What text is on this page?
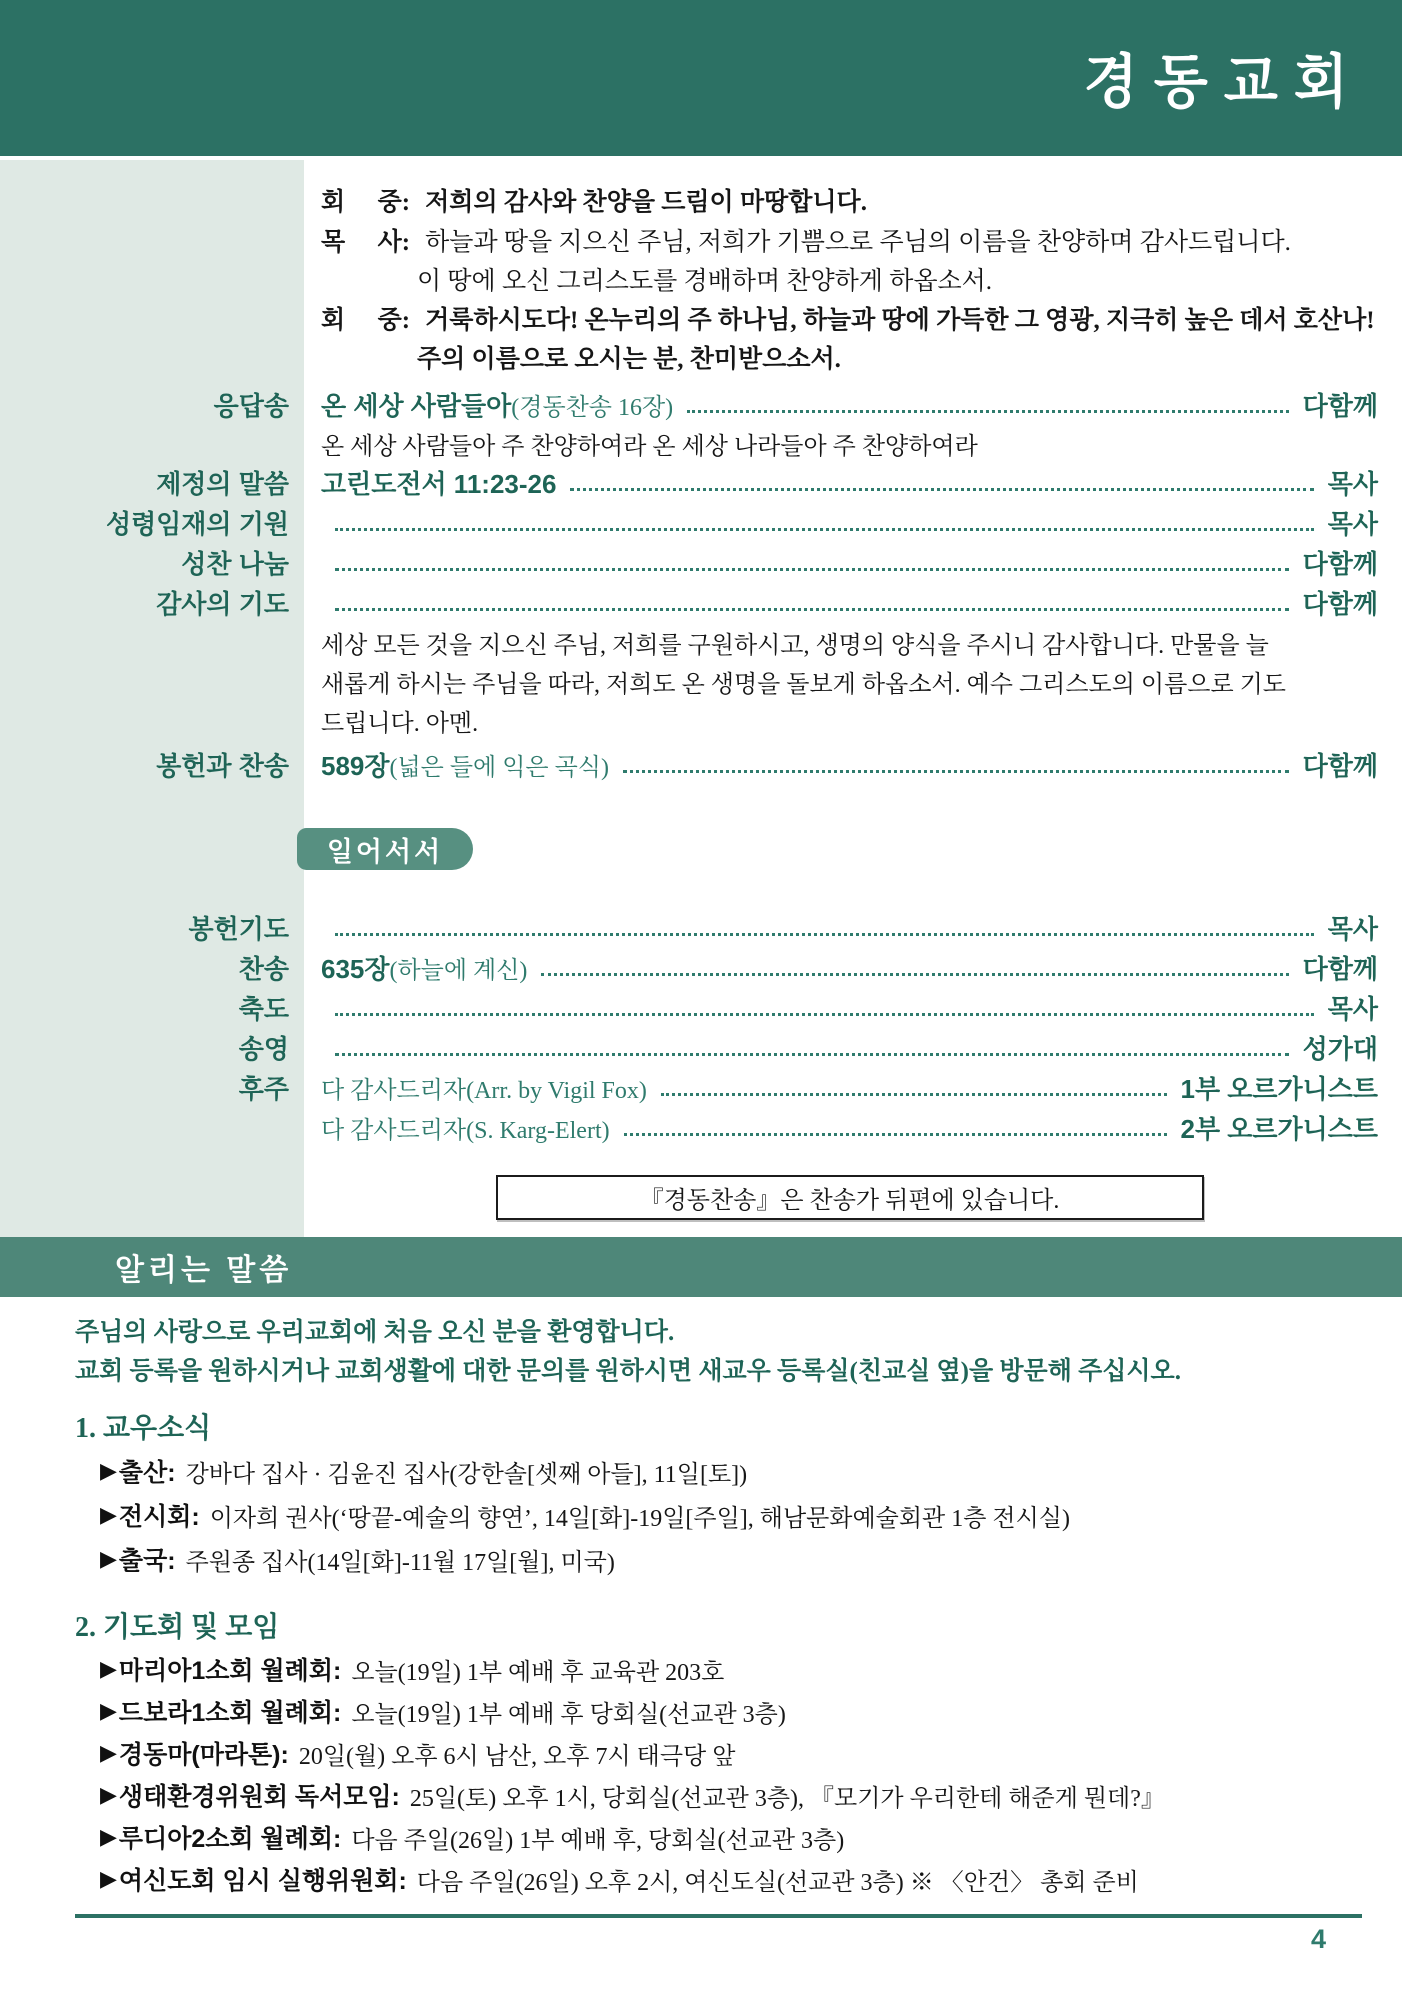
경동교회
회 중: 저희의 감사와 찬양을 드림이 마땅합니다.
목 사: 하늘과 땅을 지으신 주님, 저희가 기쁨으로 주님의 이름을 찬양하며 감사드립니다.
이 땅에 오신 그리스도를 경배하며 찬양하게 하옵소서.
회 중: 거룩하시도다! 온누리의 주 하나님, 하늘과 땅에 가득한 그 영광, 지극히 높은 데서 호산나!
주의 이름으로 오시는 분, 찬미받으소서.
응답송 온 세상 사람들아 (경동찬송 16장)	다함께
온 세상 사람들아 주 찬양하여라 온 세상 나라들아 주 찬양하여라
제정의 말씀 고린도전서 11:23-26	목사
성령임재의 기원	목사
성찬 나눔	다함께
감사의 기도	다함께
세상 모든 것을 지으신 주님, 저희를 구원하시고, 생명의 양식을 주시니 감사합니다. 만물을 늘
새롭게 하시는 주님을 따라, 저희도 온 생명을 돌보게 하옵소서. 예수 그리스도의 이름으로 기도
드립니다. 아멘.
봉헌과 찬송 589장 (넓은 들에 익은 곡식)	다함께
일어서서
봉헌기도	목사
찬송 635장 (하늘에 계신)	다함께
축도	목사
송영	성가대
후주 다 감사드리자(Arr. by Vigil Fox)	1부 오르가니스트
다 감사드리자(S. Karg-Elert)	2부 오르가니스트
『경동찬송』은 찬송가 뒤편에 있습니다.
알리는 말씀
주님의 사랑으로 우리교회에 처음 오신 분을 환영합니다.
교회 등록을 원하시거나 교회생활에 대한 문의를 원하시면 새교우 등록실(친교실 옆)을 방문해 주십시오.
1. 교우소식
▶ 출산: 강바다 집사 · 김윤진 집사(강한솔[셋째 아들], 11일[토])
▶ 전시회: 이자희 권사(‘땅끝-예술의 향연’, 14일[화]-19일[주일], 해남문화예술회관 1층 전시실)
▶ 출국: 주원종 집사(14일[화]-11월 17일[월], 미국)
2. 기도회 및 모임
▶ 마리아1소회 월례회: 오늘(19일) 1부 예배 후 교육관 203호
▶ 드보라1소회 월례회: 오늘(19일) 1부 예배 후 당회실(선교관 3층)
▶ 경동마(마라톤): 20일(월) 오후 6시 남산, 오후 7시 태극당 앞
▶ 생태환경위원회 독서모임: 25일(토) 오후 1시, 당회실(선교관 3층), 『모기가 우리한테 해준게 뭔데?』
▶ 루디아2소회 월례회: 다음 주일(26일) 1부 예배 후, 당회실(선교관 3층)
▶ 여신도회 임시 실행위원회: 다음 주일(26일) 오후 2시, 여신도실(선교관 3층) ※ 〈안건〉 총회 준비
4
